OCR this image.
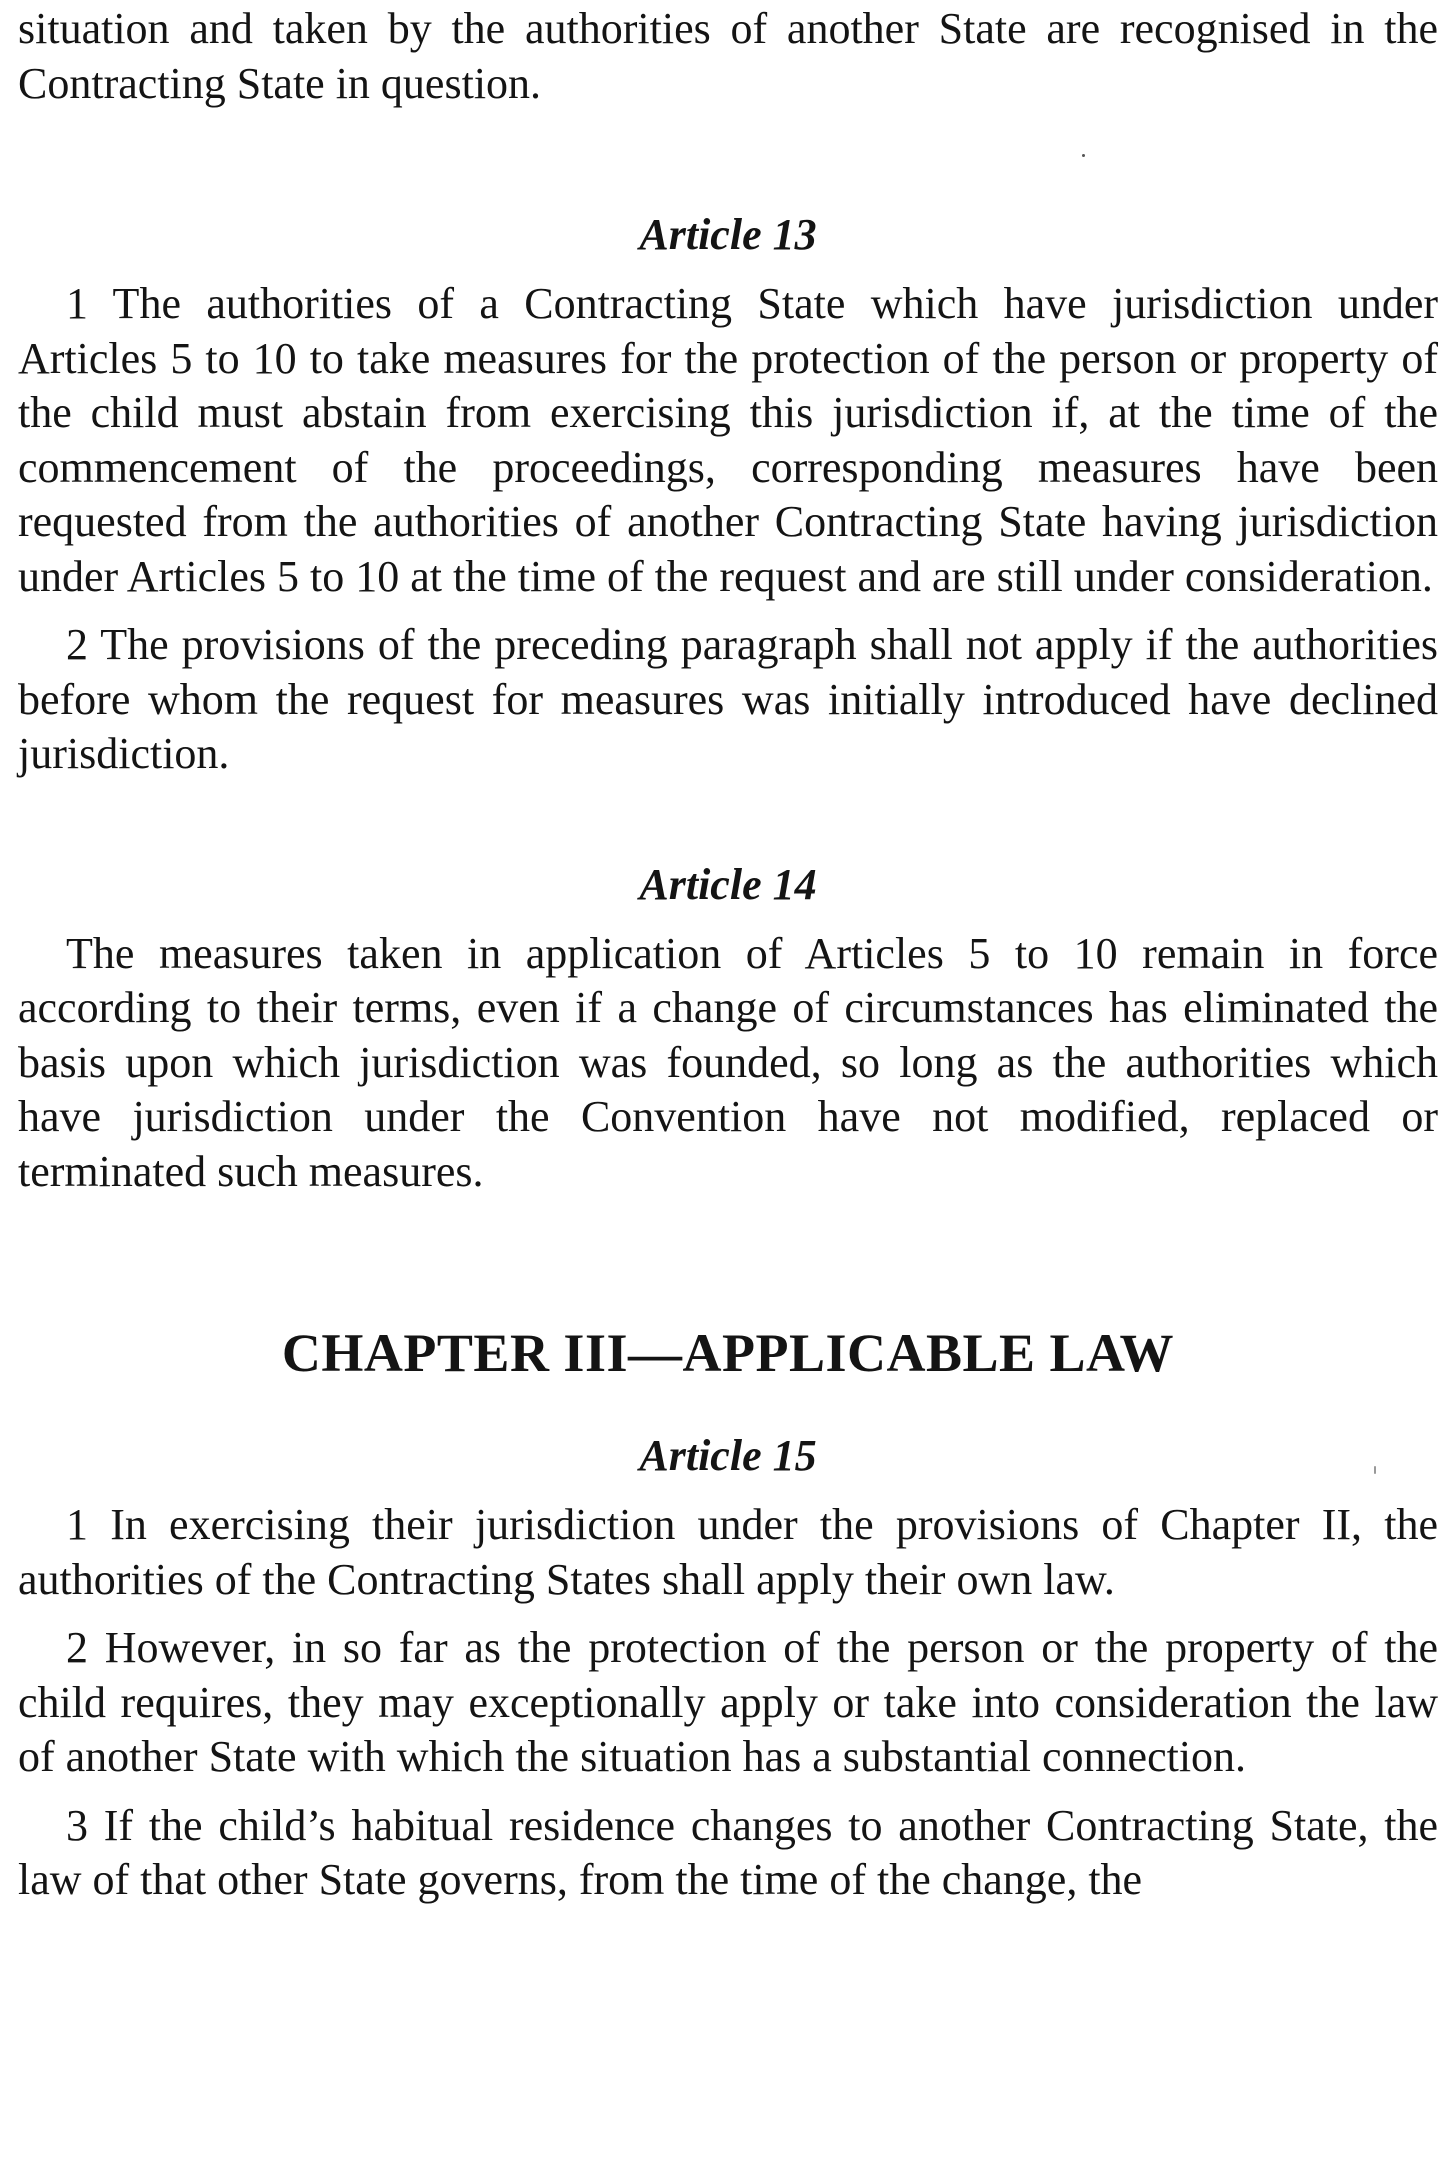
situation and taken by the authorities of another State are recognised in the Contracting State in question.

Article 13

1 The authorities of a Contracting State which have jurisdiction under Articles 5 to 10 to take measures for the protection of the person or property of the child must abstain from exercising this jurisdiction if, at the time of the commencement of the proceedings, corresponding measures have been requested from the authorities of another Contracting State having jurisdiction under Articles 5 to 10 at the time of the request and are still under consideration.

2 The provisions of the preceding paragraph shall not apply if the authorities before whom the request for measures was initially introduced have declined jurisdiction.

Article 14

The measures taken in application of Articles 5 to 10 remain in force according to their terms, even if a change of circumstances has eliminated the basis upon which jurisdiction was founded, so long as the authorities which have jurisdiction under the Convention have not modified, replaced or terminated such measures.

CHAPTER III—APPLICABLE LAW

Article 15

1 In exercising their jurisdiction under the provisions of Chapter II, the authorities of the Contracting States shall apply their own law.

2 However, in so far as the protection of the person or the property of the child requires, they may exceptionally apply or take into consideration the law of another State with which the situation has a substantial connection.

3 If the child’s habitual residence changes to another Contracting State, the law of that other State governs, from the time of the change, the
